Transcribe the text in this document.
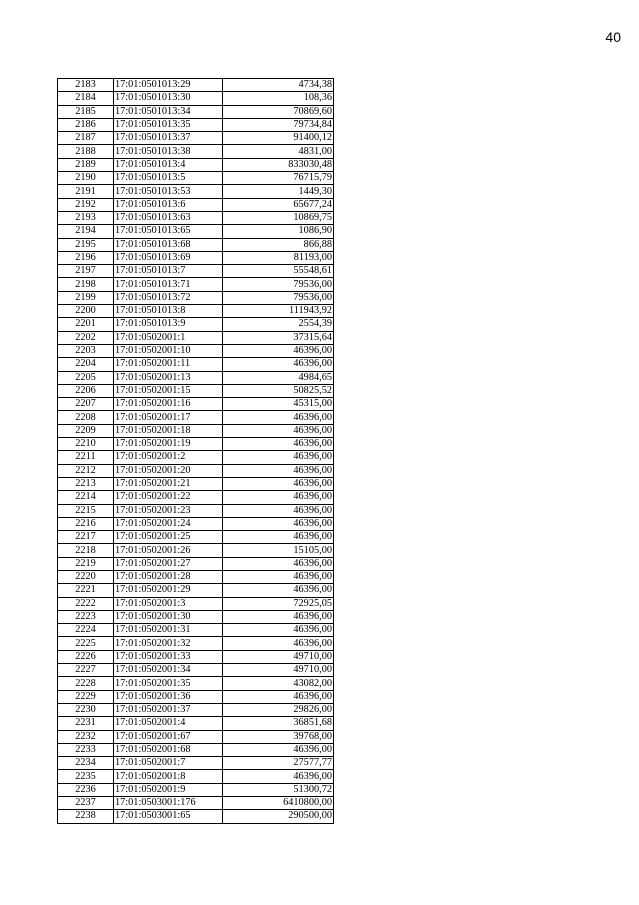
40
2183	17:01:0501013:29	4734,38
2184	17:01:0501013:30	108,36
2185	17:01:0501013:34	70869,60
2186	17:01:0501013:35	79734,84
2187	17:01:0501013:37	91400,12
2188	17:01:0501013:38	4831,00
2189	17:01:0501013:4	833030,48
2190	17:01:0501013:5	76715,79
2191	17:01:0501013:53	1449,30
2192	17:01:0501013:6	65677,24
2193	17:01:0501013:63	10869,75
2194	17:01:0501013:65	1086,90
2195	17:01:0501013:68	866,88
2196	17:01:0501013:69	81193,00
2197	17:01:0501013:7	55548,61
2198	17:01:0501013:71	79536,00
2199	17:01:0501013:72	79536,00
2200	17:01:0501013:8	111943,92
2201	17:01:0501013:9	2554,39
2202	17:01:0502001:1	37315,64
2203	17:01:0502001:10	46396,00
2204	17:01:0502001:11	46396,00
2205	17:01:0502001:13	4984,65
2206	17:01:0502001:15	50825,52
2207	17:01:0502001:16	45315,00
2208	17:01:0502001:17	46396,00
2209	17:01:0502001:18	46396,00
2210	17:01:0502001:19	46396,00
2211	17:01:0502001:2	46396,00
2212	17:01:0502001:20	46396,00
2213	17:01:0502001:21	46396,00
2214	17:01:0502001:22	46396,00
2215	17:01:0502001:23	46396,00
2216	17:01:0502001:24	46396,00
2217	17:01:0502001:25	46396,00
2218	17:01:0502001:26	15105,00
2219	17:01:0502001:27	46396,00
2220	17:01:0502001:28	46396,00
2221	17:01:0502001:29	46396,00
2222	17:01:0502001:3	72925,05
2223	17:01:0502001:30	46396,00
2224	17:01:0502001:31	46396,00
2225	17:01:0502001:32	46396,00
2226	17:01:0502001:33	49710,00
2227	17:01:0502001:34	49710,00
2228	17:01:0502001:35	43082,00
2229	17:01:0502001:36	46396,00
2230	17:01:0502001:37	29826,00
2231	17:01:0502001:4	36851,68
2232	17:01:0502001:67	39768,00
2233	17:01:0502001:68	46396,00
2234	17:01:0502001:7	27577,77
2235	17:01:0502001:8	46396,00
2236	17:01:0502001:9	51300,72
2237	17:01:0503001:176	6410800,00
2238	17:01:0503001:65	290500,00
